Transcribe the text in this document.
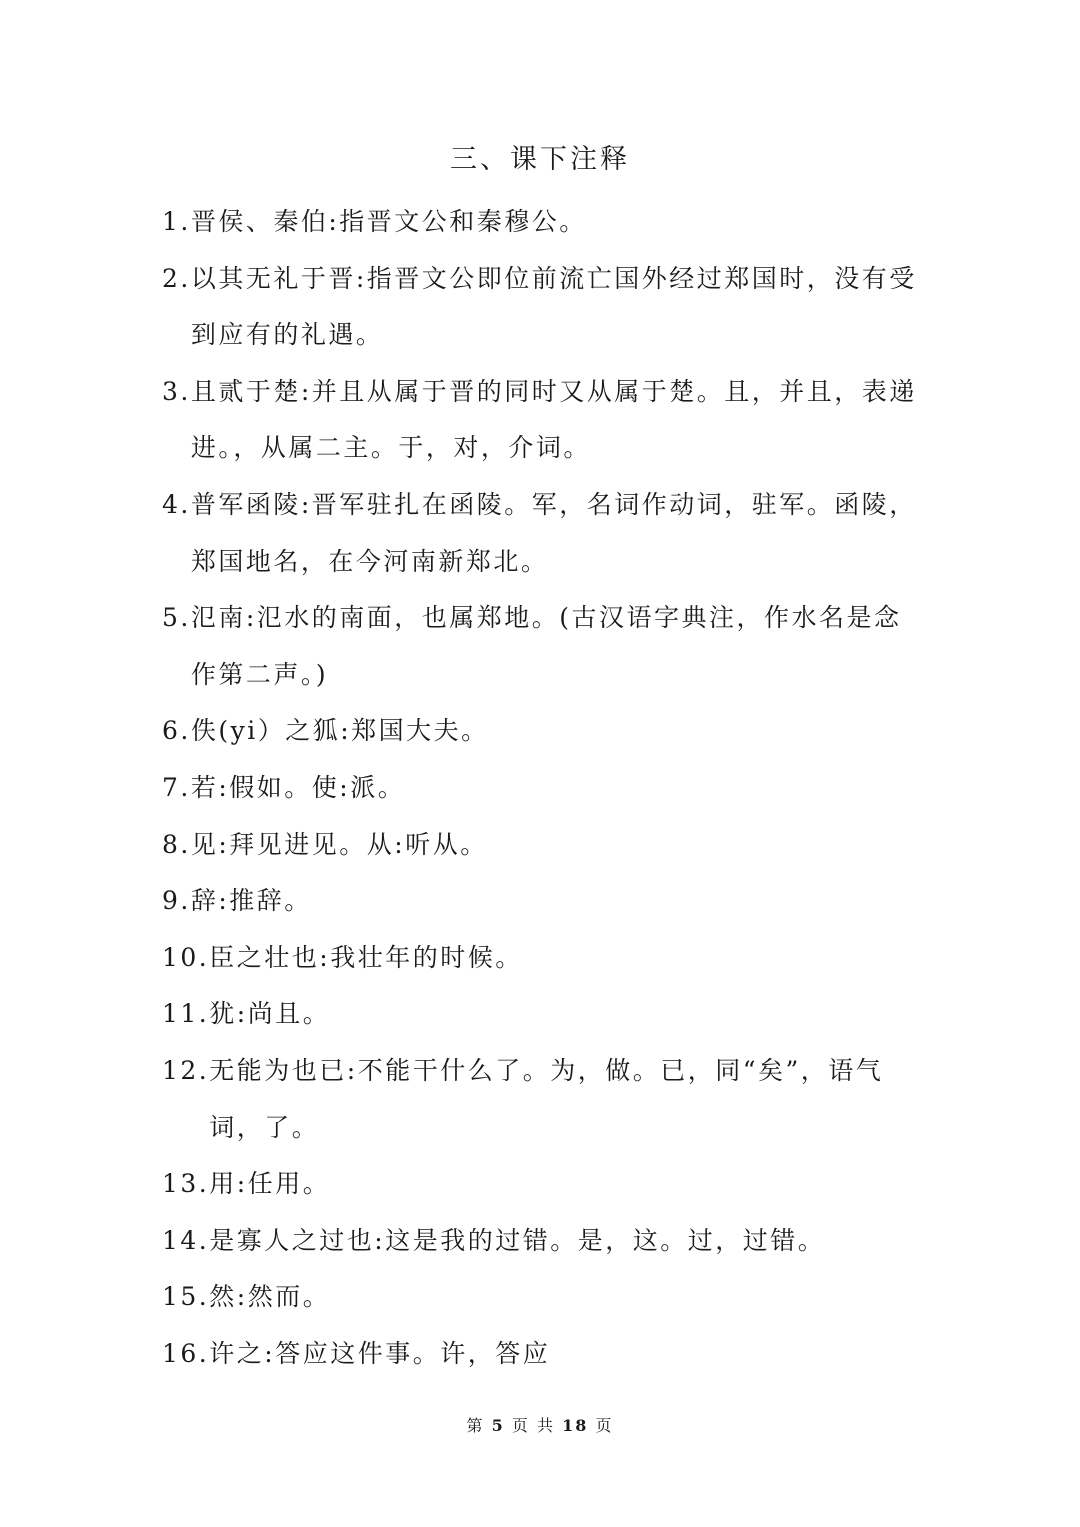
三、课下注释
1. 晋侯、秦伯:指晋文公和秦穆公。
2. 以其无礼于晋:指晋文公即位前流亡国外经过郑国时，没有受到应有的礼遇。
3. 且贰于楚:并且从属于晋的同时又从属于楚。且，并且，表递进。，从属二主。于，对，介词。
4. 普军函陵:晋军驻扎在函陵。军，名词作动词，驻军。函陵，郑国地名，在今河南新郑北。
5. 氾南:氾水的南面，也属郑地。(古汉语字典注，作水名是念作第二声。)
6. 佚(yi）之狐:郑国大夫。
7. 若:假如。使:派。
8. 见:拜见进见。从:听从。
9. 辞:推辞。
10. 臣之壮也:我壮年的时候。
11. 犹:尚且。
12. 无能为也已:不能干什么了。为，做。已，同“矣”，语气词，了。
13. 用:任用。
14. 是寡人之过也:这是我的过错。是，这。过，过错。
15. 然:然而。
16. 许之:答应这件事。许，答应
第 5 页 共 18 页
